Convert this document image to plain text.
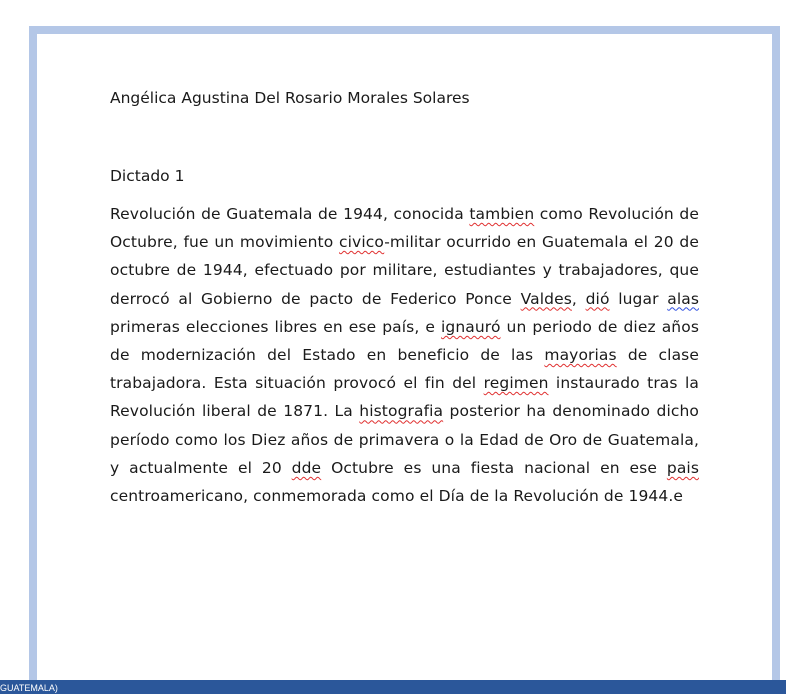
Angélica Agustina Del Rosario Morales Solares

Dictado 1

Revolución de Guatemala de 1944, conocida tambien como Revolución de Octubre, fue un movimiento civico-militar ocurrido en Guatemala el 20 de octubre de 1944, efectuado por militare, estudiantes y trabajadores, que derrocó al Gobierno de pacto de Federico Ponce Valdes, dió lugar alas primeras elecciones libres en ese país, e ignauró un periodo de diez años de modernización del Estado en beneficio de las mayorias de clase trabajadora. Esta situación provocó el fin del regimen instaurado tras la Revolución liberal de 1871. La histografia posterior ha denominado dicho período como los Diez años de primavera o la Edad de Oro de Guatemala, y actualmente el 20 dde Octubre es una fiesta nacional en ese pais centroamericano, conmemorada como el Día de la Revolución de 1944.e

GUATEMALA)
